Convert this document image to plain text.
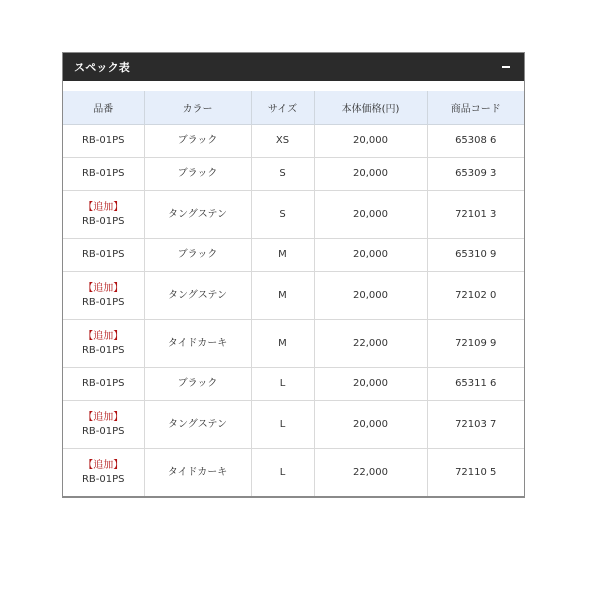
スペック表
品番	カラー	サイズ	本体価格(円)	商品コード

RB-01PS	ブラック	XS	20,000	65308 6

RB-01PS	ブラック	S	20,000	65309 3

【追加】
RB-01PS	タングステン	S	20,000	72101 3

RB-01PS	ブラック	M	20,000	65310 9

【追加】
RB-01PS	タングステン	M	20,000	72102 0

【追加】
RB-01PS	タイドカーキ	M	22,000	72109 9

RB-01PS	ブラック	L	20,000	65311 6

【追加】
RB-01PS	タングステン	L	20,000	72103 7

【追加】
RB-01PS	タイドカーキ	L	22,000	72110 5
